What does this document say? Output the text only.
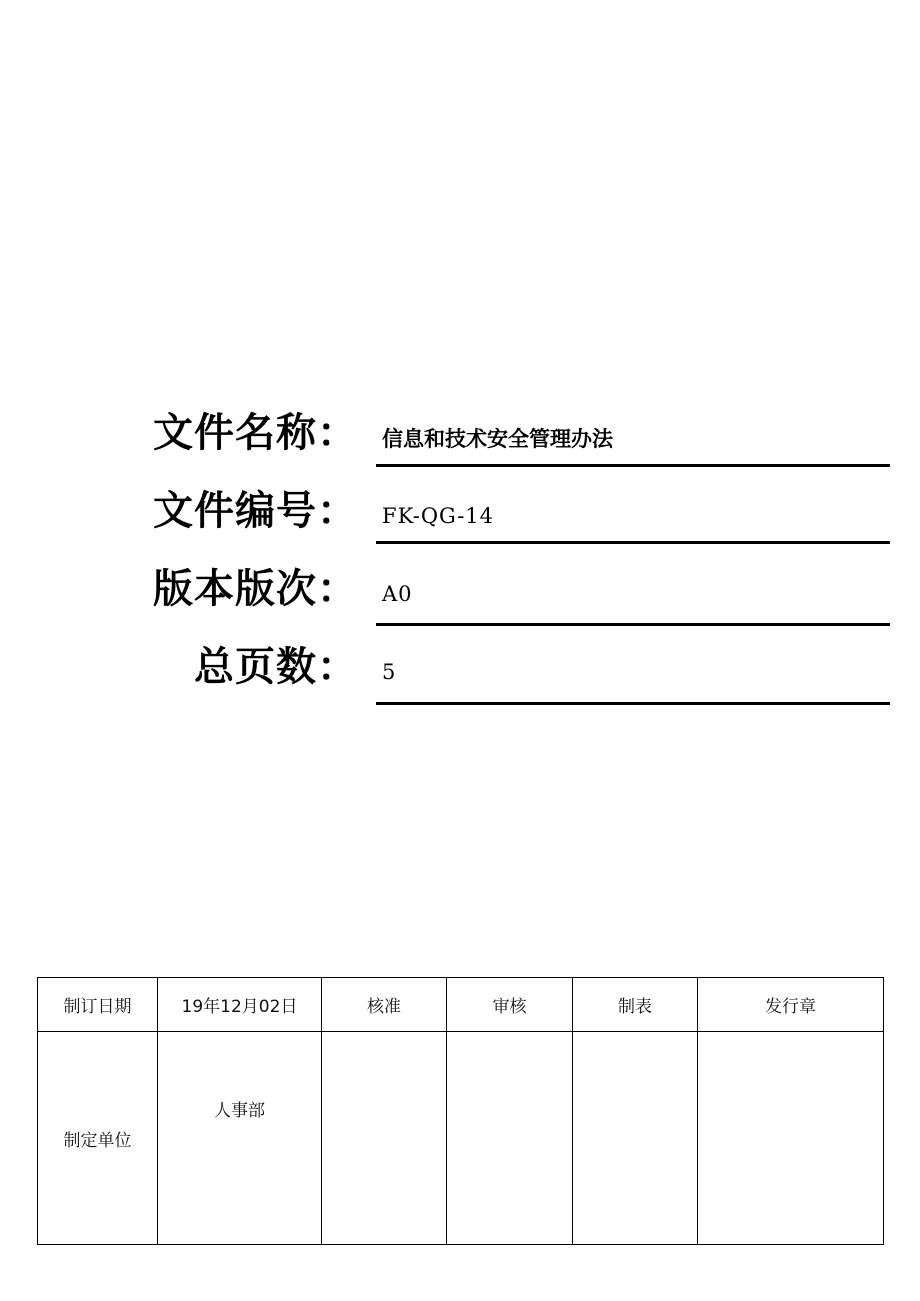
文件名称： 信息和技术安全管理办法
文件编号： FK-QG-14
版本版次： A0
总页数： 5
制订日期	19年12月02日	核准	审核	制表	发行章
制定单位	人事部				
